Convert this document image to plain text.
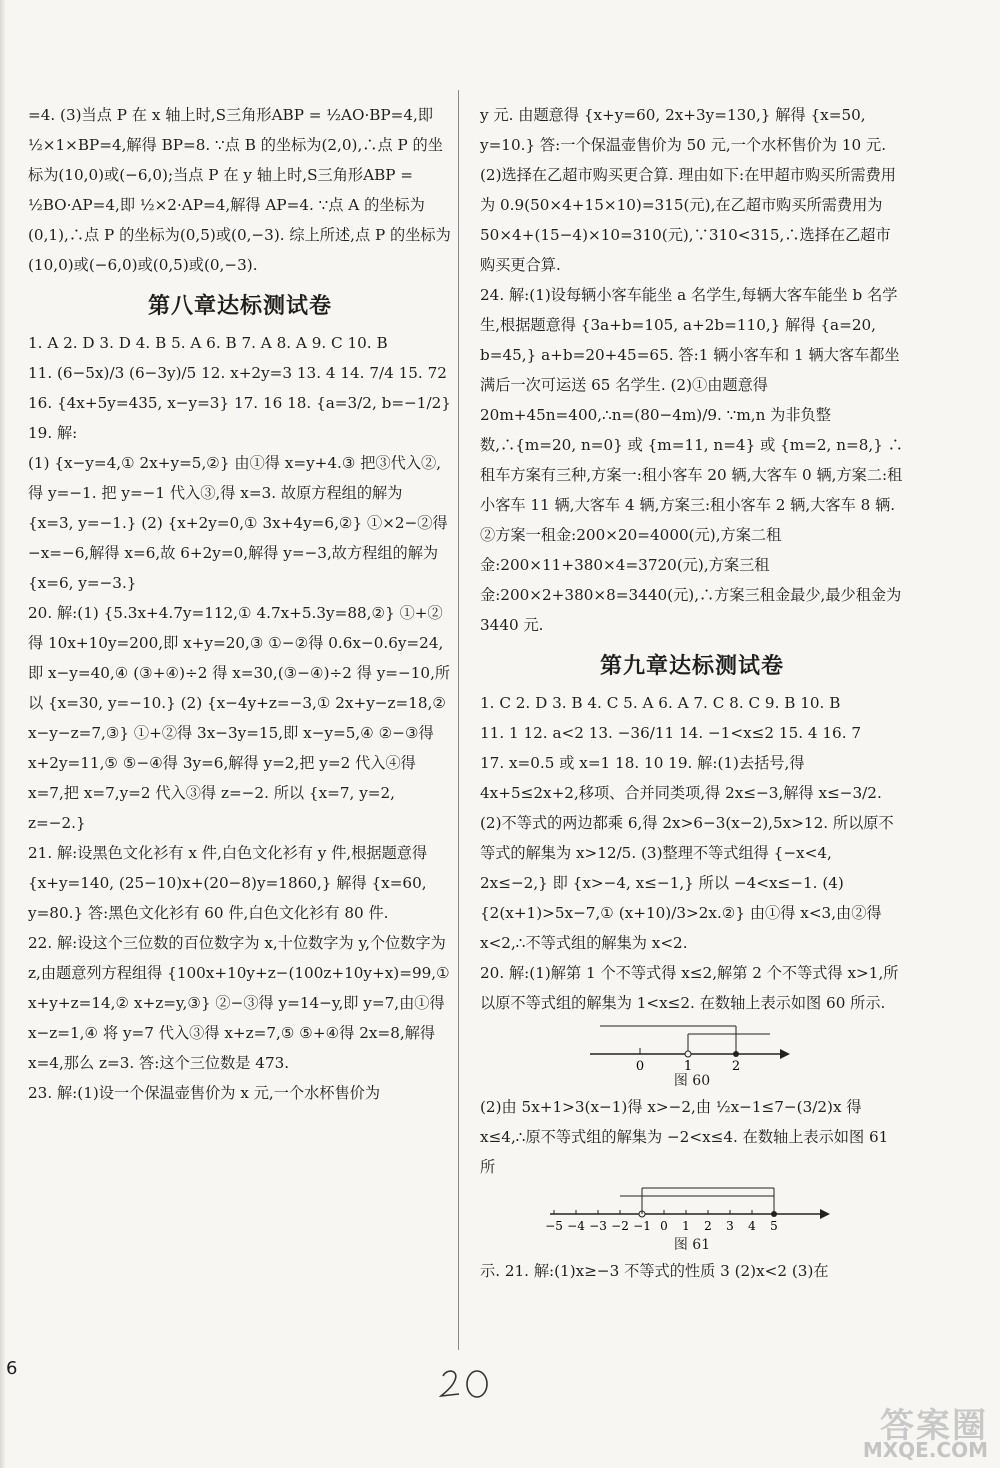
=4. (3)当点 P 在 x 轴上时,S三角形ABP = ½AO·BP=4,即 ½×1×BP=4,解得 BP=8. ∵点 B 的坐标为(2,0),∴点 P 的坐标为(10,0)或(−6,0);当点 P 在 y 轴上时,S三角形ABP = ½BO·AP=4,即 ½×2·AP=4,解得 AP=4. ∵点 A 的坐标为(0,1),∴点 P 的坐标为(0,5)或(0,−3). 综上所述,点 P 的坐标为(10,0)或(−6,0)或(0,5)或(0,−3).

第八章达标测试卷

1. A 2. D 3. D 4. B 5. A 6. B 7. A 8. A 9. C 10. B

11. (6−5x)/3 (6−3y)/5 12. x+2y=3 13. 4 14. 7/4 15. 72

16. {4x+5y=435, x−y=3} 17. 16 18. {a=3/2, b=−1/2} 19. 解:

(1) {x−y=4,① 2x+y=5,②} 由①得 x=y+4.③ 把③代入②,得 y=−1. 把 y=−1 代入③,得 x=3. 故原方程组的解为 {x=3, y=−1.} (2) {x+2y=0,① 3x+4y=6,②} ①×2−②得 −x=−6,解得 x=6,故 6+2y=0,解得 y=−3,故方程组的解为 {x=6, y=−3.}

20. 解:(1) {5.3x+4.7y=112,① 4.7x+5.3y=88,②} ①+②得 10x+10y=200,即 x+y=20,③ ①−②得 0.6x−0.6y=24,即 x−y=40,④ (③+④)÷2 得 x=30,(③−④)÷2 得 y=−10,所以 {x=30, y=−10.} (2) {x−4y+z=−3,① 2x+y−z=18,② x−y−z=7,③} ①+②得 3x−3y=15,即 x−y=5,④ ②−③得 x+2y=11,⑤ ⑤−④得 3y=6,解得 y=2,把 y=2 代入④得 x=7,把 x=7,y=2 代入③得 z=−2. 所以 {x=7, y=2, z=−2.}

21. 解:设黑色文化衫有 x 件,白色文化衫有 y 件,根据题意得 {x+y=140, (25−10)x+(20−8)y=1860,} 解得 {x=60, y=80.} 答:黑色文化衫有 60 件,白色文化衫有 80 件.

22. 解:设这个三位数的百位数字为 x,十位数字为 y,个位数字为 z,由题意列方程组得 {100x+10y+z−(100z+10y+x)=99,① x+y+z=14,② x+z=y,③} ②−③得 y=14−y,即 y=7,由①得 x−z=1,④ 将 y=7 代入③得 x+z=7,⑤ ⑤+④得 2x=8,解得 x=4,那么 z=3. 答:这个三位数是 473.

23. 解:(1)设一个保温壶售价为 x 元,一个水杯售价为

y 元. 由题意得 {x+y=60, 2x+3y=130,} 解得 {x=50, y=10.} 答:一个保温壶售价为 50 元,一个水杯售价为 10 元. (2)选择在乙超市购买更合算. 理由如下:在甲超市购买所需费用为 0.9(50×4+15×10)=315(元),在乙超市购买所需费用为 50×4+(15−4)×10=310(元),∵310<315,∴选择在乙超市购买更合算.

24. 解:(1)设每辆小客车能坐 a 名学生,每辆大客车能坐 b 名学生,根据题意得 {3a+b=105, a+2b=110,} 解得 {a=20, b=45,} a+b=20+45=65. 答:1 辆小客车和 1 辆大客车都坐满后一次可运送 65 名学生. (2)①由题意得 20m+45n=400,∴n=(80−4m)/9. ∵m,n 为非负整数,∴{m=20, n=0} 或 {m=11, n=4} 或 {m=2, n=8,} ∴租车方案有三种,方案一:租小客车 20 辆,大客车 0 辆,方案二:租小客车 11 辆,大客车 4 辆,方案三:租小客车 2 辆,大客车 8 辆. ②方案一租金:200×20=4000(元),方案二租金:200×11+380×4=3720(元),方案三租金:200×2+380×8=3440(元),∴方案三租金最少,最少租金为 3440 元.

第九章达标测试卷

1. C 2. D 3. B 4. C 5. A 6. A 7. C 8. C 9. B 10. B

11. 1 12. a<2 13. −36/11 14. −1<x≤2 15. 4 16. 7

17. x=0.5 或 x=1 18. 10 19. 解:(1)去括号,得 4x+5≤2x+2,移项、合并同类项,得 2x≤−3,解得 x≤−3/2. (2)不等式的两边都乘 6,得 2x>6−3(x−2),5x>12. 所以原不等式的解集为 x>12/5. (3)整理不等式组得 {−x<4, 2x≤−2,} 即 {x>−4, x≤−1,} 所以 −4<x≤−1. (4) {2(x+1)>5x−7,① (x+10)/3>2x.②} 由①得 x<3,由②得 x<2,∴不等式组的解集为 x<2.

20. 解:(1)解第 1 个不等式得 x≤2,解第 2 个不等式得 x>1,所以原不等式组的解集为 1<x≤2. 在数轴上表示如图 60 所示.

0	1	2
图 60

(2)由 5x+1>3(x−1)得 x>−2,由 ½x−1≤7−(3/2)x 得 x≤4,∴原不等式组的解集为 −2<x≤4. 在数轴上表示如图 61 所

−5 −4 −3 −2 −1 0 1 2 3 4 5
图 61

示. 21. 解:(1)x≥−3 不等式的性质 3 (2)x<2 (3)在

6
答案圈
MXQE.COM
